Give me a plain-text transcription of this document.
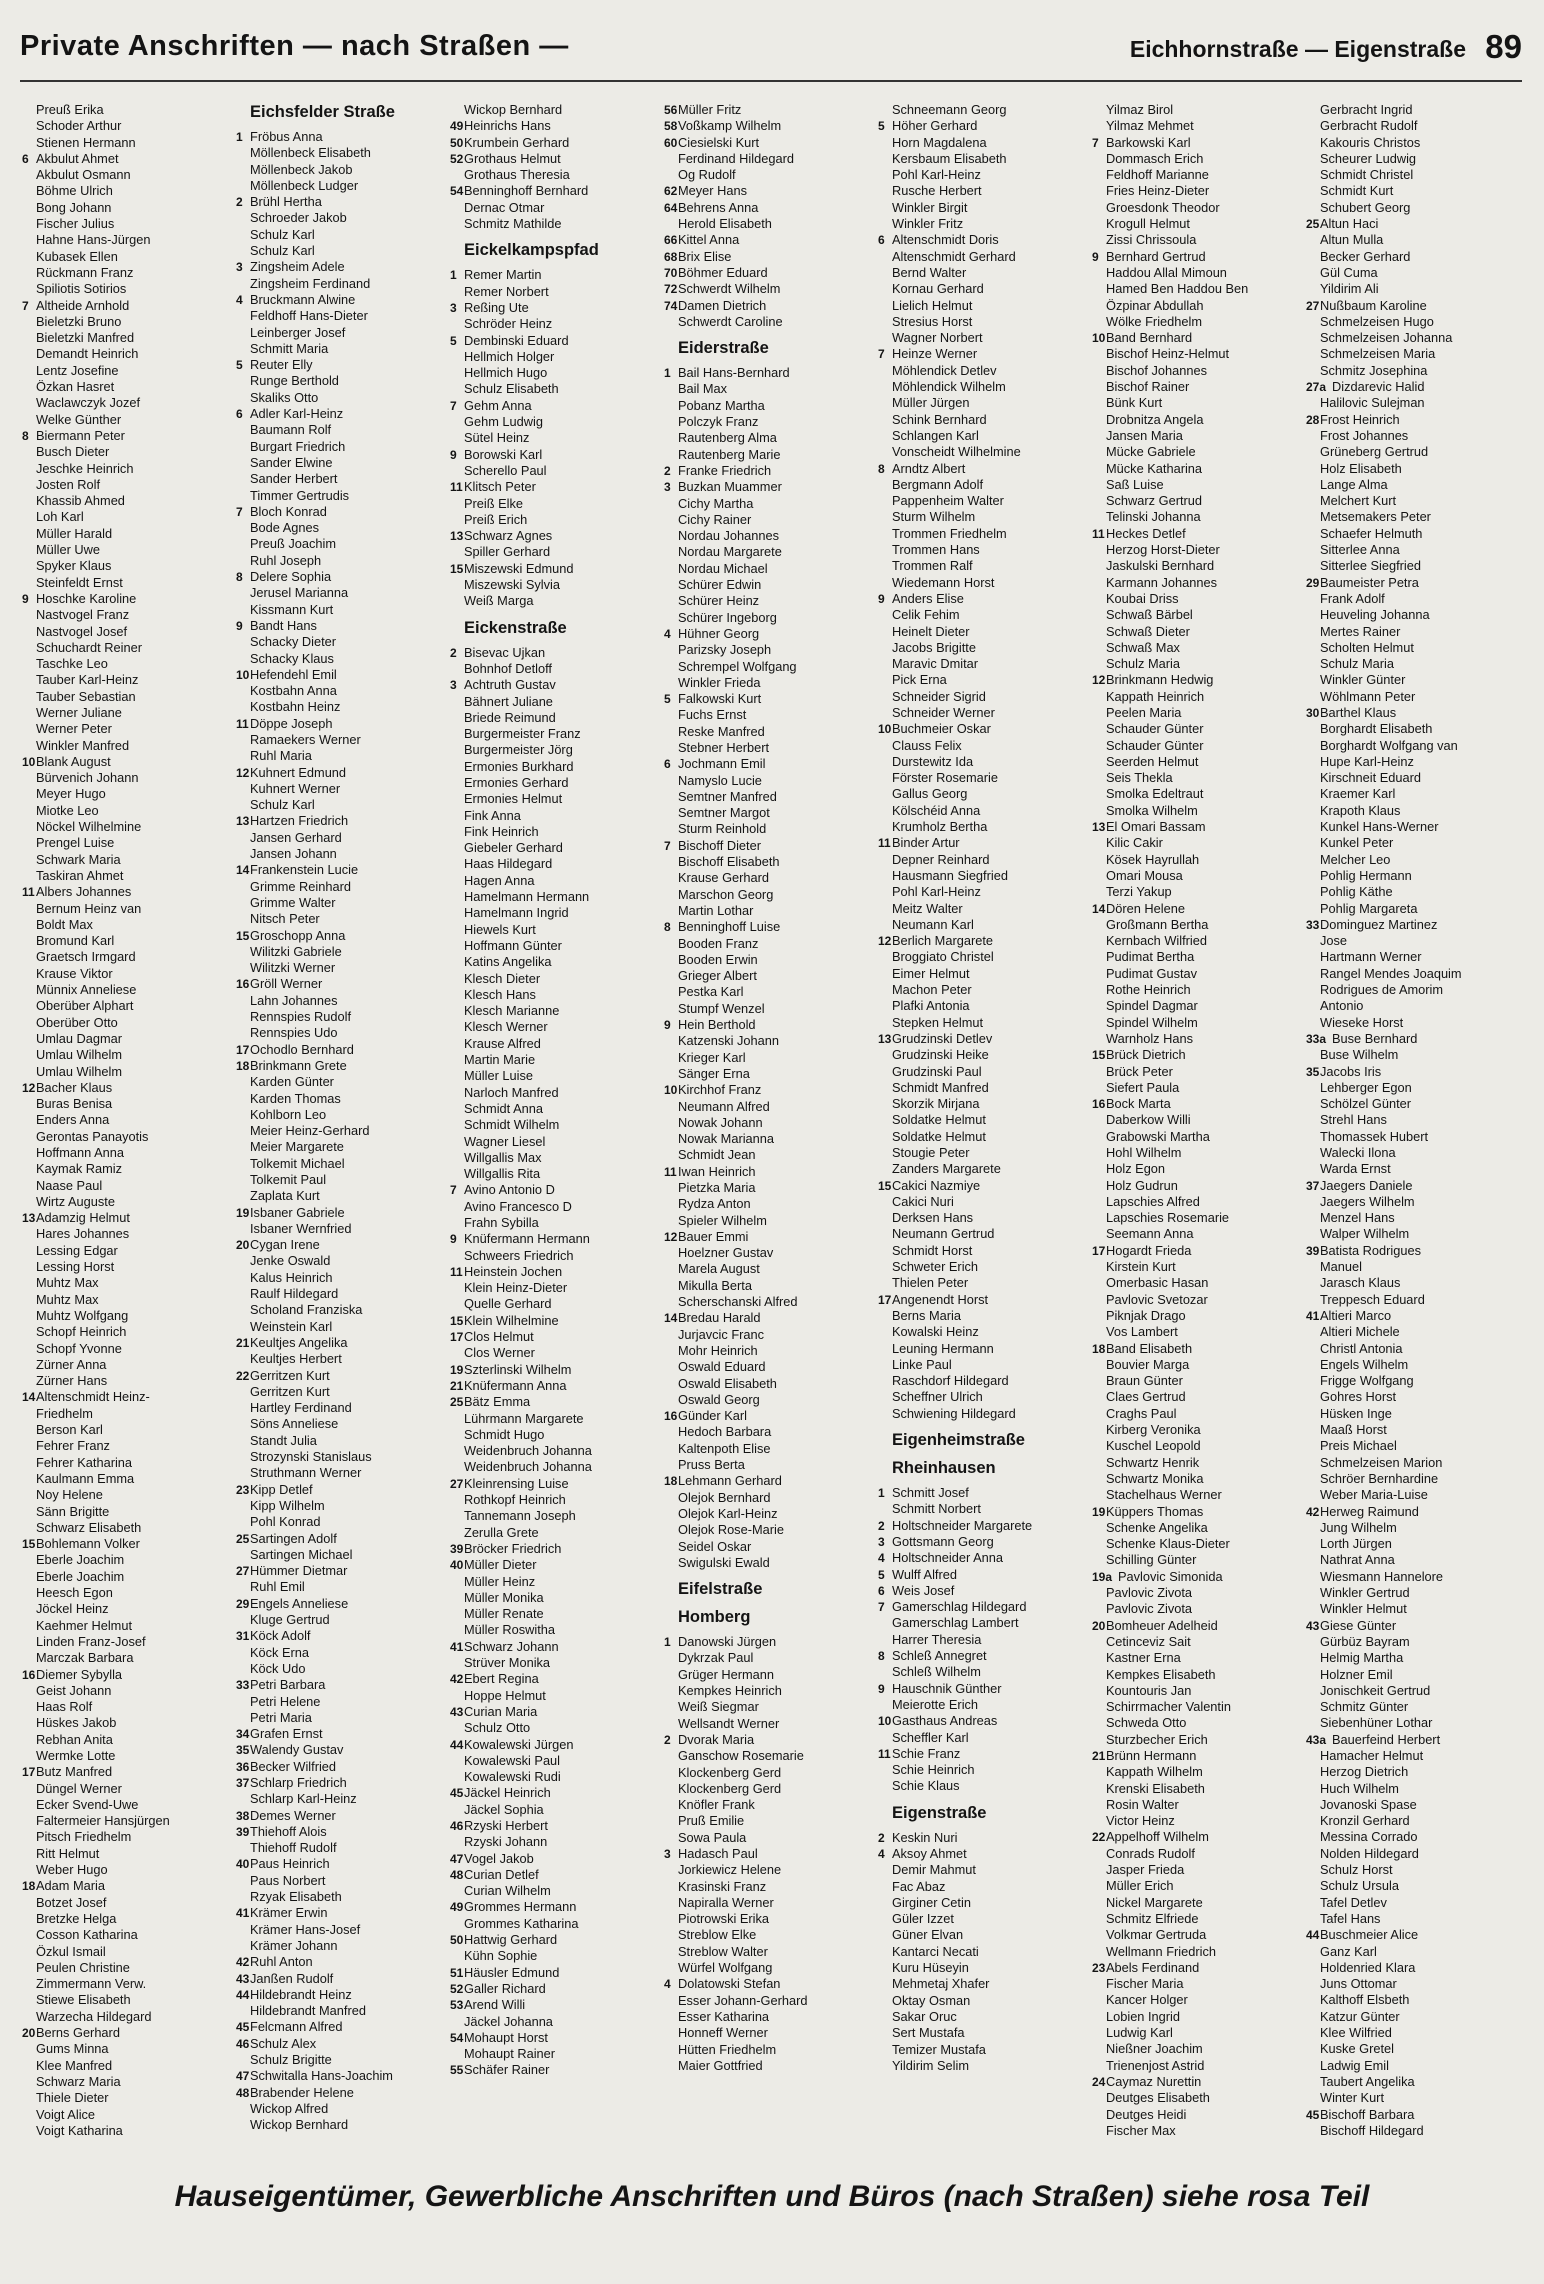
Private Anschriften — nach Straßen —	Eichhornstraße — Eigenstraße 89
Preuß Erika
Schoder Arthur
Stienen Hermann
6 Akbulut Ahmet
Akbulut Osmann
Böhme Ulrich
Bong Johann
Fischer Julius
Hahne Hans-Jürgen
Kubasek Ellen
Rückmann Franz
Spiliotis Sotirios
7 Altheide Arnhold
Bieletzki Bruno
Bieletzki Manfred
Demandt Heinrich
Lentz Josefine
Özkan Hasret
Waclawczyk Jozef
Welke Günther
8 Biermann Peter
Busch Dieter
Jeschke Heinrich
Josten Rolf
Khassib Ahmed
Loh Karl
Müller Harald
Müller Uwe
Spyker Klaus
Steinfeldt Ernst
9 Hoschke Karoline
Nastvogel Franz
Nastvogel Josef
Schuchardt Reiner
Taschke Leo
Tauber Karl-Heinz
Tauber Sebastian
Werner Juliane
Werner Peter
Winkler Manfred
10 Blank August
Bürvenich Johann
Meyer Hugo
Miotke Leo
Nöckel Wilhelmine
Prengel Luise
Schwark Maria
Taskiran Ahmet
11 Albers Johannes
Bernum Heinz van
Boldt Max
Bromund Karl
Graetsch Irmgard
Krause Viktor
Münnix Anneliese
Oberüber Alphart
Oberüber Otto
Umlau Dagmar
Umlau Wilhelm
Umlau Wilhelm
12 Bacher Klaus
Buras Benisa
Enders Anna
Gerontas Panayotis
Hoffmann Anna
Kaymak Ramiz
Naase Paul
Wirtz Auguste
13 Adamzig Helmut
Hares Johannes
Lessing Edgar
Lessing Horst
Muhtz Max
Muhtz Max
Muhtz Wolfgang
Schopf Heinrich
Schopf Yvonne
Zürner Anna
Zürner Hans
14 Altenschmidt Heinz-
Friedhelm
Berson Karl
Fehrer Franz
Fehrer Katharina
Kaulmann Emma
Noy Helene
Sänn Brigitte
Schwarz Elisabeth
15 Bohlemann Volker
Eberle Joachim
Eberle Joachim
Heesch Egon
Jöckel Heinz
Kaehmer Helmut
Linden Franz-Josef
Marczak Barbara
16 Diemer Sybylla
Geist Johann
Haas Rolf
Hüskes Jakob
Rebhan Anita
Wermke Lotte
17 Butz Manfred
Düngel Werner
Ecker Svend-Uwe
Faltermeier Hansjürgen
Pitsch Friedhelm
Ritt Helmut
Weber Hugo
18 Adam Maria
Botzet Josef
Bretzke Helga
Cosson Katharina
Özkul Ismail
Peulen Christine
Zimmermann Verw.
Stiewe Elisabeth
Warzecha Hildegard
20 Berns Gerhard
Gums Minna
Klee Manfred
Schwarz Maria
Thiele Dieter
Voigt Alice
Voigt Katharina
Eichsfelder Straße
1 Fröbus Anna
Möllenbeck Elisabeth
Möllenbeck Jakob
Möllenbeck Ludger
2 Brühl Hertha
Schroeder Jakob
Schulz Karl
Schulz Karl
3 Zingsheim Adele
Zingsheim Ferdinand
4 Bruckmann Alwine
Feldhoff Hans-Dieter
Leinberger Josef
Schmitt Maria
5 Reuter Elly
Runge Berthold
Skaliks Otto
6 Adler Karl-Heinz
Baumann Rolf
Burgart Friedrich
Sander Elwine
Sander Herbert
Timmer Gertrudis
7 Bloch Konrad
Bode Agnes
Preuß Joachim
Ruhl Joseph
8 Delere Sophia
Jerusel Marianna
Kissmann Kurt
9 Bandt Hans
Schacky Dieter
Schacky Klaus
10 Hefendehl Emil
Kostbahn Anna
Kostbahn Heinz
11 Döppe Joseph
Ramaekers Werner
Ruhl Maria
12 Kuhnert Edmund
Kuhnert Werner
Schulz Karl
13 Hartzen Friedrich
Jansen Gerhard
Jansen Johann
14 Frankenstein Lucie
Grimme Reinhard
Grimme Walter
Nitsch Peter
15 Groschopp Anna
Wilitzki Gabriele
Wilitzki Werner
16 Gröll Werner
Lahn Johannes
Rennspies Rudolf
Rennspies Udo
17 Ochodlo Bernhard
18 Brinkmann Grete
Karden Günter
Karden Thomas
Kohlborn Leo
Meier Heinz-Gerhard
Meier Margarete
Tolkemit Michael
Tolkemit Paul
Zaplata Kurt
19 Isbaner Gabriele
Isbaner Wernfried
20 Cygan Irene
Jenke Oswald
Kalus Heinrich
Raulf Hildegard
Scholand Franziska
Weinstein Karl
21 Keultjes Angelika
Keultjes Herbert
22 Gerritzen Kurt
Gerritzen Kurt
Hartley Ferdinand
Söns Anneliese
Standt Julia
Strozynski Stanislaus
Struthmann Werner
23 Kipp Detlef
Kipp Wilhelm
Pohl Konrad
25 Sartingen Adolf
Sartingen Michael
27 Hümmer Dietmar
Ruhl Emil
29 Engels Anneliese
Kluge Gertrud
31 Köck Adolf
Köck Erna
Köck Udo
33 Petri Barbara
Petri Helene
Petri Maria
34 Grafen Ernst
35 Walendy Gustav
36 Becker Wilfried
37 Schlarp Friedrich
Schlarp Karl-Heinz
38 Demes Werner
39 Thiehoff Alois
Thiehoff Rudolf
40 Paus Heinrich
Paus Norbert
Rzyak Elisabeth
41 Krämer Erwin
Krämer Hans-Josef
Krämer Johann
42 Ruhl Anton
43 Janßen Rudolf
44 Hildebrandt Heinz
Hildebrandt Manfred
45 Felcmann Alfred
46 Schulz Alex
Schulz Brigitte
47 Schwitalla Hans-Joachim
48 Brabender Helene
Wickop Alfred
Wickop Bernhard
Wickop Bernhard
49 Heinrichs Hans
50 Krumbein Gerhard
52 Grothaus Helmut
Grothaus Theresia
54 Benninghoff Bernhard
Dernac Otmar
Schmitz Mathilde
Eickelkampspfad
1 Remer Martin
Remer Norbert
3 Reßing Ute
Schröder Heinz
5 Dembinski Eduard
Hellmich Holger
Hellmich Hugo
Schulz Elisabeth
7 Gehm Anna
Gehm Ludwig
Sütel Heinz
9 Borowski Karl
Scherello Paul
11 Klitsch Peter
Preiß Elke
Preiß Erich
13 Schwarz Agnes
Spiller Gerhard
15 Miszewski Edmund
Miszewski Sylvia
Weiß Marga
Eickenstraße
2 Bisevac Ujkan
Bohnhof Detloff
3 Achtruth Gustav
Bähnert Juliane
Briede Reimund
Burgermeister Franz
Burgermeister Jörg
Ermonies Burkhard
Ermonies Gerhard
Ermonies Helmut
Fink Anna
Fink Heinrich
Giebeler Gerhard
Haas Hildegard
Hagen Anna
Hamelmann Hermann
Hamelmann Ingrid
Hiewels Kurt
Hoffmann Günter
Katins Angelika
Klesch Dieter
Klesch Hans
Klesch Marianne
Klesch Werner
Krause Alfred
Martin Marie
Müller Luise
Narloch Manfred
Schmidt Anna
Schmidt Wilhelm
Wagner Liesel
Willgallis Max
Willgallis Rita
7 Avino Antonio D
Avino Francesco D
Frahn Sybilla
9 Knüfermann Hermann
Schweers Friedrich
11 Heinstein Jochen
Klein Heinz-Dieter
Quelle Gerhard
15 Klein Wilhelmine
17 Clos Helmut
Clos Werner
19 Szterlinski Wilhelm
21 Knüfermann Anna
25 Bätz Emma
Lührmann Margarete
Schmidt Hugo
Weidenbruch Johanna
Weidenbruch Johanna
27 Kleinrensing Luise
Rothkopf Heinrich
Tannemann Joseph
Zerulla Grete
39 Bröcker Friedrich
40 Müller Dieter
Müller Heinz
Müller Monika
Müller Renate
Müller Roswitha
41 Schwarz Johann
Strüver Monika
42 Ebert Regina
Hoppe Helmut
43 Curian Maria
Schulz Otto
44 Kowalewski Jürgen
Kowalewski Paul
Kowalewski Rudi
45 Jäckel Heinrich
Jäckel Sophia
46 Rzyski Herbert
Rzyski Johann
47 Vogel Jakob
48 Curian Detlef
Curian Wilhelm
49 Grommes Hermann
Grommes Katharina
50 Hattwig Gerhard
Kühn Sophie
51 Häusler Edmund
52 Galler Richard
53 Arend Willi
Jäckel Johanna
54 Mohaupt Horst
Mohaupt Rainer
55 Schäfer Rainer
56 Müller Fritz
58 Voßkamp Wilhelm
60 Ciesielski Kurt
Ferdinand Hildegard
Og Rudolf
62 Meyer Hans
64 Behrens Anna
Herold Elisabeth
66 Kittel Anna
68 Brix Elise
70 Böhmer Eduard
72 Schwerdt Wilhelm
74 Damen Dietrich
Schwerdt Caroline
Eiderstraße
1 Bail Hans-Bernhard
Bail Max
Pobanz Martha
Polczyk Franz
Rautenberg Alma
Rautenberg Marie
2 Franke Friedrich
3 Buzkan Muammer
Cichy Martha
Cichy Rainer
Nordau Johannes
Nordau Margarete
Nordau Michael
Schürer Edwin
Schürer Heinz
Schürer Ingeborg
4 Hühner Georg
Parizsky Joseph
Schrempel Wolfgang
Winkler Frieda
5 Falkowski Kurt
Fuchs Ernst
Reske Manfred
Stebner Herbert
6 Jochmann Emil
Namyslo Lucie
Semtner Manfred
Semtner Margot
Sturm Reinhold
7 Bischoff Dieter
Bischoff Elisabeth
Krause Gerhard
Marschon Georg
Martin Lothar
8 Benninghoff Luise
Booden Franz
Booden Erwin
Grieger Albert
Pestka Karl
Stumpf Wenzel
9 Hein Berthold
Katzenski Johann
Krieger Karl
Sänger Erna
10 Kirchhof Franz
Neumann Alfred
Nowak Johann
Nowak Marianna
Schmidt Jean
11 Iwan Heinrich
Pietzka Maria
Rydza Anton
Spieler Wilhelm
12 Bauer Emmi
Hoelzner Gustav
Marela August
Mikulla Berta
Scherschanski Alfred
14 Bredau Harald
Jurjavcic Franc
Mohr Heinrich
Oswald Eduard
Oswald Elisabeth
Oswald Georg
16 Günder Karl
Hedoch Barbara
Kaltenpoth Elise
Pruss Berta
18 Lehmann Gerhard
Olejok Bernhard
Olejok Karl-Heinz
Olejok Rose-Marie
Seidel Oskar
Swigulski Ewald
Eifelstraße
Homberg
1 Danowski Jürgen
Dykrzak Paul
Grüger Hermann
Kempkes Heinrich
Weiß Siegmar
Wellsandt Werner
2 Dvorak Maria
Ganschow Rosemarie
Klockenberg Gerd
Klockenberg Gerd
Knöfler Frank
Pruß Emilie
Sowa Paula
3 Hadasch Paul
Jorkiewicz Helene
Krasinski Franz
Napiralla Werner
Piotrowski Erika
Streblow Elke
Streblow Walter
Würfel Wolfgang
4 Dolatowski Stefan
Esser Johann-Gerhard
Esser Katharina
Honneff Werner
Hütten Friedhelm
Maier Gottfried
Schneemann Georg
5 Höher Gerhard
Horn Magdalena
Kersbaum Elisabeth
Pohl Karl-Heinz
Rusche Herbert
Winkler Birgit
Winkler Fritz
6 Altenschmidt Doris
Altenschmidt Gerhard
Bernd Walter
Kornau Gerhard
Lielich Helmut
Stresius Horst
Wagner Norbert
7 Heinze Werner
Möhlendick Detlev
Möhlendick Wilhelm
Müller Jürgen
Schink Bernhard
Schlangen Karl
Vonscheidt Wilhelmine
8 Arndtz Albert
Bergmann Adolf
Pappenheim Walter
Sturm Wilhelm
Trommen Friedhelm
Trommen Hans
Trommen Ralf
Wiedemann Horst
9 Anders Elise
Celik Fehim
Heinelt Dieter
Jacobs Brigitte
Maravic Dmitar
Pick Erna
Schneider Sigrid
Schneider Werner
10 Buchmeier Oskar
Clauss Felix
Durstewitz Ida
Förster Rosemarie
Gallus Georg
Kölschéid Anna
Krumholz Bertha
11 Binder Artur
Depner Reinhard
Hausmann Siegfried
Pohl Karl-Heinz
Meitz Walter
Neumann Karl
12 Berlich Margarete
Broggiato Christel
Eimer Helmut
Machon Peter
Plafki Antonia
Stepken Helmut
13 Grudzinski Detlev
Grudzinski Heike
Grudzinski Paul
Schmidt Manfred
Skorzik Mirjana
Soldatke Helmut
Soldatke Helmut
Stougie Peter
Zanders Margarete
15 Cakici Nazmiye
Cakici Nuri
Derksen Hans
Neumann Gertrud
Schmidt Horst
Schweter Erich
Thielen Peter
17 Angenendt Horst
Berns Maria
Kowalski Heinz
Leuning Hermann
Linke Paul
Raschdorf Hildegard
Scheffner Ulrich
Schwiening Hildegard
Eigenheimstraße
Rheinhausen
1 Schmitt Josef
Schmitt Norbert
2 Holtschneider Margarete
3 Gottsmann Georg
4 Holtschneider Anna
5 Wulff Alfred
6 Weis Josef
7 Gamerschlag Hildegard
Gamerschlag Lambert
Harrer Theresia
8 Schleß Annegret
Schleß Wilhelm
9 Hauschnik Günther
Meierotte Erich
10 Gasthaus Andreas
Scheffler Karl
11 Schie Franz
Schie Heinrich
Schie Klaus
Eigenstraße
2 Keskin Nuri
4 Aksoy Ahmet
Demir Mahmut
Fac Abaz
Girginer Cetin
Güler Izzet
Güner Elvan
Kantarci Necati
Kuru Hüseyin
Mehmetaj Xhafer
Oktay Osman
Sakar Oruc
Sert Mustafa
Temizer Mustafa
Yildirim Selim
Yilmaz Birol
Yilmaz Mehmet
7 Barkowski Karl
Dommasch Erich
Feldhoff Marianne
Fries Heinz-Dieter
Groesdonk Theodor
Krogull Helmut
Zissi Chrissoula
9 Bernhard Gertrud
Haddou Allal Mimoun
Hamed Ben Haddou Ben
Özpinar Abdullah
Wölke Friedhelm
10 Band Bernhard
Bischof Heinz-Helmut
Bischof Johannes
Bischof Rainer
Bünk Kurt
Drobnitza Angela
Jansen Maria
Mücke Gabriele
Mücke Katharina
Saß Luise
Schwarz Gertrud
Telinski Johanna
11 Heckes Detlef
Herzog Horst-Dieter
Jaskulski Bernhard
Karmann Johannes
Koubai Driss
Schwaß Bärbel
Schwaß Dieter
Schwaß Max
Schulz Maria
12 Brinkmann Hedwig
Kappath Heinrich
Peelen Maria
Schauder Günter
Schauder Günter
Seerden Helmut
Seis Thekla
Smolka Edeltraut
Smolka Wilhelm
13 El Omari Bassam
Kilic Cakir
Kösek Hayrullah
Omari Mousa
Terzi Yakup
14 Dören Helene
Großmann Bertha
Kernbach Wilfried
Pudimat Bertha
Pudimat Gustav
Rothe Heinrich
Spindel Dagmar
Spindel Wilhelm
Warnholz Hans
15 Brück Dietrich
Brück Peter
Siefert Paula
16 Bock Marta
Daberkow Willi
Grabowski Martha
Hohl Wilhelm
Holz Egon
Holz Gudrun
Lapschies Alfred
Lapschies Rosemarie
Seemann Anna
17 Hogardt Frieda
Kirstein Kurt
Omerbasic Hasan
Pavlovic Svetozar
Piknjak Drago
Vos Lambert
18 Band Elisabeth
Bouvier Marga
Braun Günter
Claes Gertrud
Craghs Paul
Kirberg Veronika
Kuschel Leopold
Schwartz Henrik
Schwartz Monika
Stachelhaus Werner
19 Küppers Thomas
Schenke Angelika
Schenke Klaus-Dieter
Schilling Günter
19a Pavlovic Simonida
Pavlovic Zivota
Pavlovic Zivota
20 Bomheuer Adelheid
Cetinceviz Sait
Kastner Erna
Kempkes Elisabeth
Kountouris Jan
Schirrmacher Valentin
Schweda Otto
Sturzbecher Erich
21 Brünn Hermann
Kappath Wilhelm
Krenski Elisabeth
Rosin Walter
Victor Heinz
22 Appelhoff Wilhelm
Conrads Rudolf
Jasper Frieda
Müller Erich
Nickel Margarete
Schmitz Elfriede
Volkmar Gertruda
Wellmann Friedrich
23 Abels Ferdinand
Fischer Maria
Kancer Holger
Lobien Ingrid
Ludwig Karl
Nießner Joachim
Trienenjost Astrid
24 Caymaz Nurettin
Deutges Elisabeth
Deutges Heidi
Fischer Max
Gerbracht Ingrid
Gerbracht Rudolf
Kakouris Christos
Scheurer Ludwig
Schmidt Christel
Schmidt Kurt
Schubert Georg
25 Altun Haci
Altun Mulla
Becker Gerhard
Gül Cuma
Yildirim Ali
27 Nußbaum Karoline
Schmelzeisen Hugo
Schmelzeisen Johanna
Schmelzeisen Maria
Schmitz Josephina
27a Dizdarevic Halid
Halilovic Sulejman
28 Frost Heinrich
Frost Johannes
Grüneberg Gertrud
Holz Elisabeth
Lange Alma
Melchert Kurt
Metsemakers Peter
Schaefer Helmuth
Sitterlee Anna
Sitterlee Siegfried
29 Baumeister Petra
Frank Adolf
Heuveling Johanna
Mertes Rainer
Scholten Helmut
Schulz Maria
Winkler Günter
Wöhlmann Peter
30 Barthel Klaus
Borghardt Elisabeth
Borghardt Wolfgang van
Hupe Karl-Heinz
Kirschneit Eduard
Kraemer Karl
Krapoth Klaus
Kunkel Hans-Werner
Kunkel Peter
Melcher Leo
Pohlig Hermann
Pohlig Käthe
Pohlig Margareta
33 Dominguez Martinez
Jose
Hartmann Werner
Rangel Mendes Joaquim
Rodrigues de Amorim
Antonio
Wieseke Horst
33a Buse Bernhard
Buse Wilhelm
35 Jacobs Iris
Lehberger Egon
Schölzel Günter
Strehl Hans
Thomassek Hubert
Walecki Ilona
Warda Ernst
37 Jaegers Daniele
Jaegers Wilhelm
Menzel Hans
Walper Wilhelm
39 Batista Rodrigues
Manuel
Jarasch Klaus
Treppesch Eduard
41 Altieri Marco
Altieri Michele
Christl Antonia
Engels Wilhelm
Frigge Wolfgang
Gohres Horst
Hüsken Inge
Maaß Horst
Preis Michael
Schmelzeisen Marion
Schröer Bernhardine
Weber Maria-Luise
42 Herweg Raimund
Jung Wilhelm
Lorth Jürgen
Nathrat Anna
Wiesmann Hannelore
Winkler Gertrud
Winkler Helmut
43 Giese Günter
Gürbüz Bayram
Helmig Martha
Holzner Emil
Jonischkeit Gertrud
Schmitz Günter
Siebenhüner Lothar
43a Bauerfeind Herbert
Hamacher Helmut
Herzog Dietrich
Huch Wilhelm
Jovanoski Spase
Kronzil Gerhard
Messina Corrado
Nolden Hildegard
Schulz Horst
Schulz Ursula
Tafel Detlev
Tafel Hans
44 Buschmeier Alice
Ganz Karl
Holdenried Klara
Juns Ottomar
Kalthoff Elsbeth
Katzur Günter
Klee Wilfried
Kuske Gretel
Ladwig Emil
Taubert Angelika
Winter Kurt
45 Bischoff Barbara
Bischoff Hildegard
Hauseigentümer, Gewerbliche Anschriften und Büros (nach Straßen) siehe rosa Teil
